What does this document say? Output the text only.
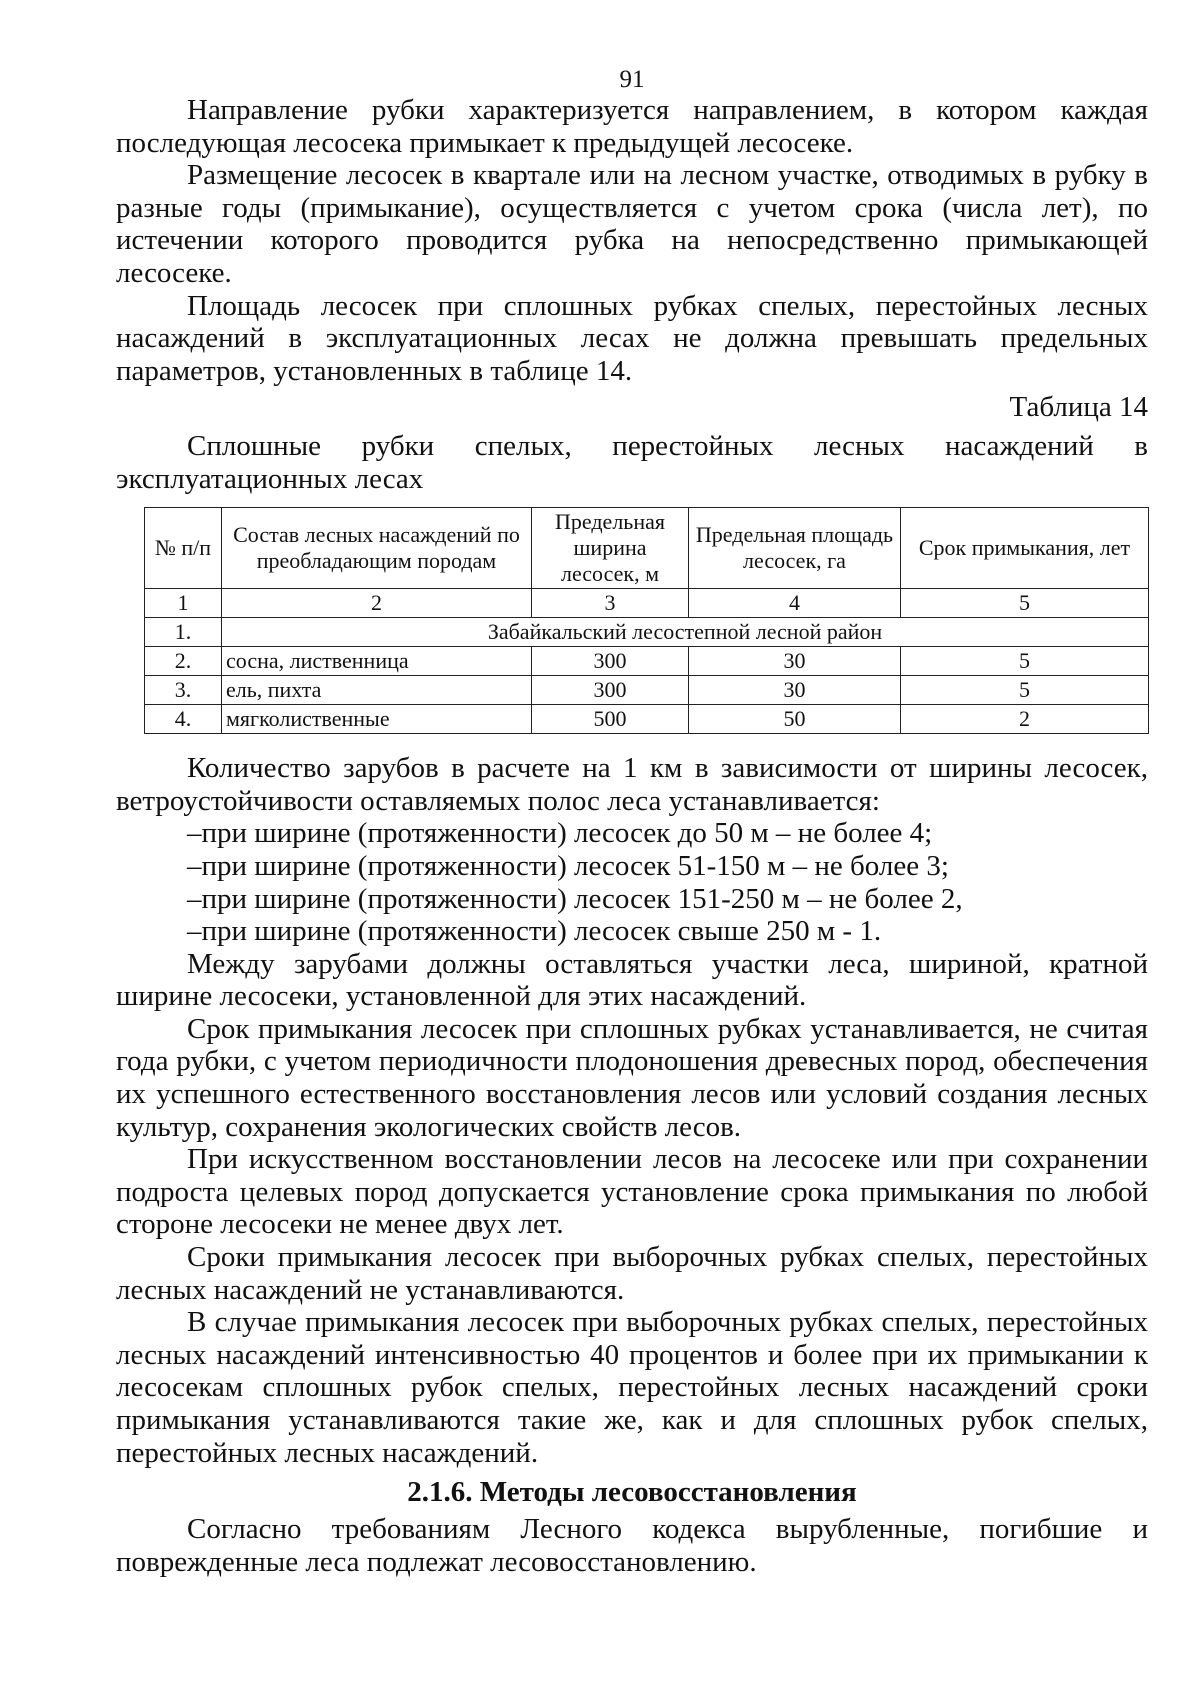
91

Направление рубки характеризуется направлением, в котором каждая последующая лесосека примыкает к предыдущей лесосеке.

Размещение лесосек в квартале или на лесном участке, отводимых в рубку в разные годы (примыкание), осуществляется с учетом срока (числа лет), по истечении которого проводится рубка на непосредственно примыкающей лесосеке.

Площадь лесосек при сплошных рубках спелых, перестойных лесных насаждений в эксплуатационных лесах не должна превышать предельных параметров, установленных в таблице 14.

Таблица 14

Сплошные рубки спелых, перестойных лесных насаждений в эксплуатационных лесах

№ п/п	Состав лесных насаждений по преобладающим породам	Предельная ширина лесосек, м	Предельная площадь лесосек, га	Срок примыкания, лет
1	2	3	4	5
1.	Забайкальский лесостепной лесной район			
2.	сосна, лиственница	300	30	5
3.	ель, пихта	300	30	5
4.	мягколиственные	500	50	2

Количество зарубов в расчете на 1 км в зависимости от ширины лесосек, ветроустойчивости оставляемых полос леса устанавливается:

–при ширине (протяженности) лесосек до 50 м – не более 4;

–при ширине (протяженности) лесосек 51-150 м – не более 3;

–при ширине (протяженности) лесосек 151-250 м – не более 2,

–при ширине (протяженности) лесосек свыше 250 м - 1.

Между зарубами должны оставляться участки леса, шириной, кратной ширине лесосеки, установленной для этих насаждений.

Срок примыкания лесосек при сплошных рубках устанавливается, не считая года рубки, с учетом периодичности плодоношения древесных пород, обеспечения их успешного естественного восстановления лесов или условий создания лесных культур, сохранения экологических свойств лесов.

При искусственном восстановлении лесов на лесосеке или при сохранении подроста целевых пород допускается установление срока примыкания по любой стороне лесосеки не менее двух лет.

Сроки примыкания лесосек при выборочных рубках спелых, перестойных лесных насаждений не устанавливаются.

В случае примыкания лесосек при выборочных рубках спелых, перестойных лесных насаждений интенсивностью 40 процентов и более при их примыкании к лесосекам сплошных рубок спелых, перестойных лесных насаждений сроки примыкания устанавливаются такие же, как и для сплошных рубок спелых, перестойных лесных насаждений.

2.1.6. Методы лесовосстановления

Согласно требованиям Лесного кодекса вырубленные, погибшие и поврежденные леса подлежат лесовосстановлению.
